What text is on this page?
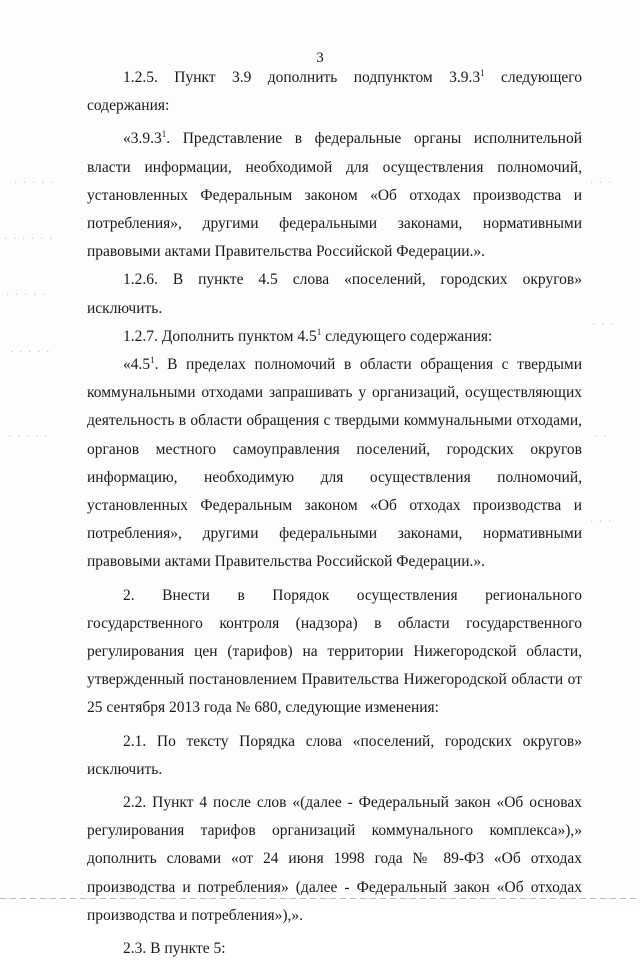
3
· · · · ·
· · · · · ·
· · · · ·
· · · · ·
· · · · ·
· · ·
· · ·
· ·
· · ·

1.2.5. Пункт 3.9 дополнить подпунктом 3.9.3$^1$ следующего содержания:

«3.9.3$^1$. Представление в федеральные органы исполнительной власти информации, необходимой для осуществления полномочий, установленных Федеральным законом «Об отходах производства и потребления», другими федеральными законами, нормативными правовыми актами Правительства Российской Федерации.».

1.2.6. В пункте 4.5 слова «поселений, городских округов» исключить.

1.2.7. Дополнить пунктом $4.5^1$ следующего содержания:

«$4.5^1$. В пределах полномочий в области обращения с твердыми коммунальными отходами запрашивать у организаций, осуществляющих деятельность в области обращения с твердыми коммунальными отходами, органов местного самоуправления поселений, городских округов информацию, необходимую для осуществления полномочий, установленных Федеральным законом «Об отходах производства и потребления», другими федеральными законами, нормативными правовыми актами Правительства Российской Федерации.».

2. Внести в Порядок осуществления регионального государственного контроля (надзора) в области государственного регулирования цен (тарифов) на территории Нижегородской области, утвержденный постановлением Правительства Нижегородской области от 25 сентября 2013 года № 680, следующие изменения:

2.1. По тексту Порядка слова «поселений, городских округов» исключить.

2.2. Пункт 4 после слов «(далее - Федеральный закон «Об основах регулирования тарифов организаций коммунального комплекса»),» дополнить словами «от 24 июня 1998 года № 89-ФЗ «Об отходах производства и потребления» (далее - Федеральный закон «Об отходах производства и потребления»),».

2.3. В пункте 5:
